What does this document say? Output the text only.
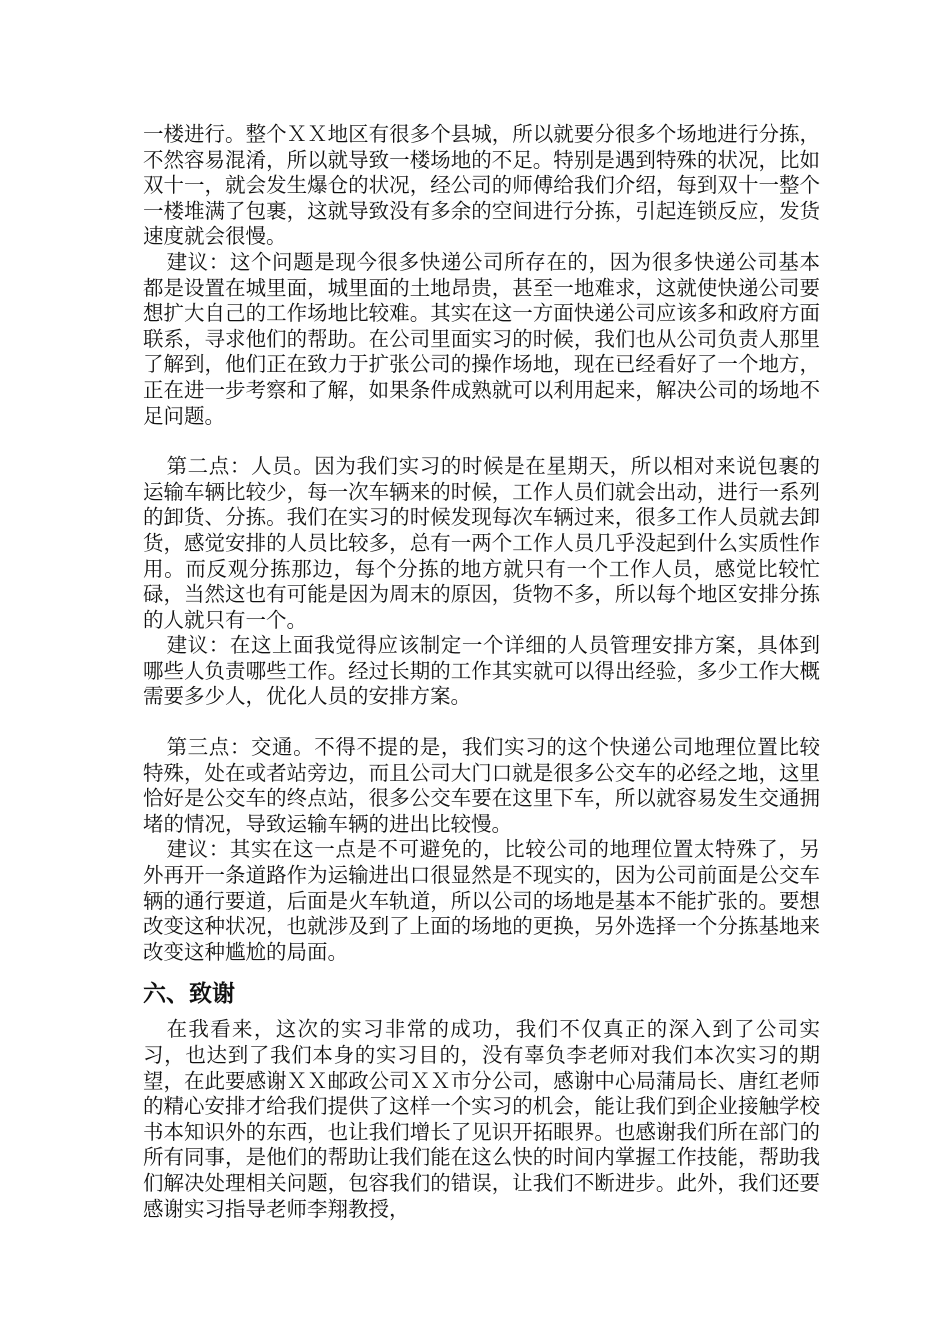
一楼进行。整个ＸＸ地区有很多个县城，所以就要分很多个场地进行分拣，不然容易混淆，所以就导致一楼场地的不足。特别是遇到特殊的状况，比如双十一，就会发生爆仓的状况，经公司的师傅给我们介绍，每到双十一整个一楼堆满了包裹，这就导致没有多余的空间进行分拣，引起连锁反应，发货速度就会很慢。

建议：这个问题是现今很多快递公司所存在的，因为很多快递公司基本都是设置在城里面，城里面的土地昂贵，甚至一地难求，这就使快递公司要想扩大自己的工作场地比较难。其实在这一方面快递公司应该多和政府方面联系，寻求他们的帮助。在公司里面实习的时候，我们也从公司负责人那里了解到，他们正在致力于扩张公司的操作场地，现在已经看好了一个地方，正在进一步考察和了解，如果条件成熟就可以利用起来，解决公司的场地不足问题。

第二点：人员。因为我们实习的时候是在星期天，所以相对来说包裹的运输车辆比较少，每一次车辆来的时候，工作人员们就会出动，进行一系列的卸货、分拣。我们在实习的时候发现每次车辆过来，很多工作人员就去卸货，感觉安排的人员比较多，总有一两个工作人员几乎没起到什么实质性作用。而反观分拣那边，每个分拣的地方就只有一个工作人员，感觉比较忙碌，当然这也有可能是因为周末的原因，货物不多，所以每个地区安排分拣的人就只有一个。

建议：在这上面我觉得应该制定一个详细的人员管理安排方案，具体到哪些人负责哪些工作。经过长期的工作其实就可以得出经验，多少工作大概需要多少人，优化人员的安排方案。

第三点：交通。不得不提的是，我们实习的这个快递公司地理位置比较特殊，处在或者站旁边，而且公司大门口就是很多公交车的必经之地，这里恰好是公交车的终点站，很多公交车要在这里下车，所以就容易发生交通拥堵的情况，导致运输车辆的进出比较慢。

建议：其实在这一点是不可避免的，比较公司的地理位置太特殊了，另外再开一条道路作为运输进出口很显然是不现实的，因为公司前面是公交车辆的通行要道，后面是火车轨道，所以公司的场地是基本不能扩张的。要想改变这种状况，也就涉及到了上面的场地的更换，另外选择一个分拣基地来改变这种尴尬的局面。

六、致谢

在我看来，这次的实习非常的成功，我们不仅真正的深入到了公司实习，也达到了我们本身的实习目的，没有辜负李老师对我们本次实习的期望，在此要感谢ＸＸ邮政公司ＸＸ市分公司，感谢中心局蒲局长、唐红老师的精心安排才给我们提供了这样一个实习的机会，能让我们到企业接触学校书本知识外的东西，也让我们增长了见识开拓眼界。也感谢我们所在部门的所有同事，是他们的帮助让我们能在这么快的时间内掌握工作技能，帮助我们解决处理相关问题，包容我们的错误，让我们不断进步。此外，我们还要感谢实习指导老师李翔教授，
